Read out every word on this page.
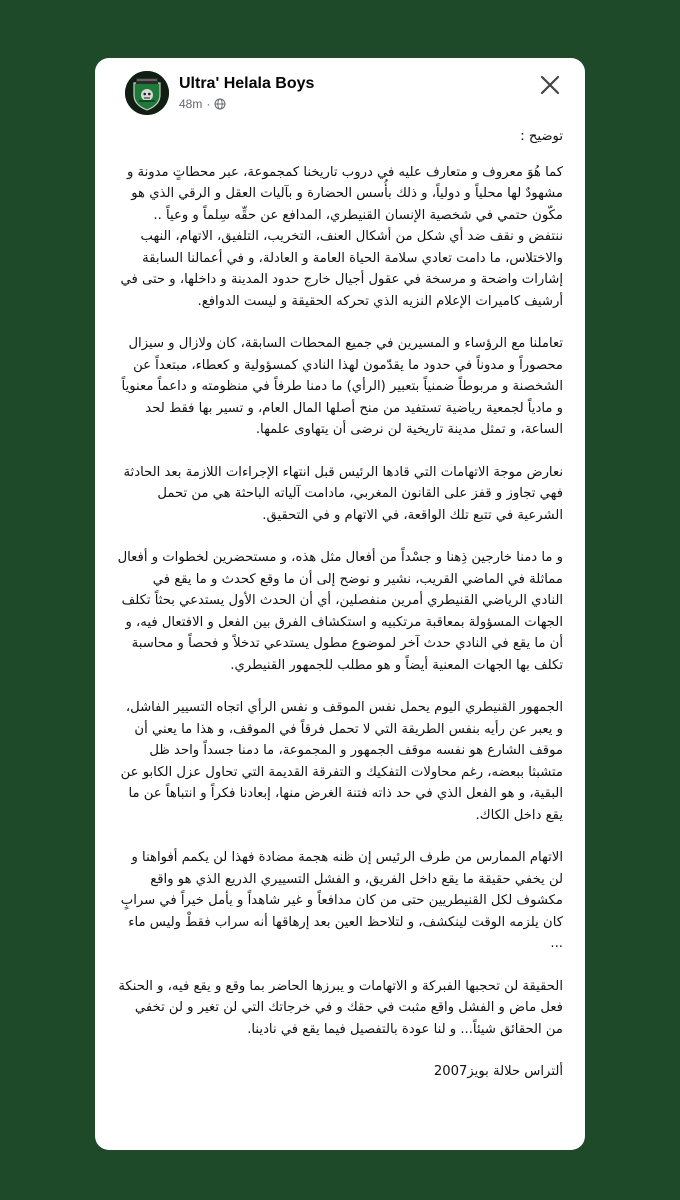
Ultra' Helala Boys
48m ·

توضيح :

كما هُوَ معروف و متعارف عليه في دروب تاريخنا كمجموعة، عبر محطاتٍ مدونة و مشهودٌ لها محلياً و دولياً، و ذلك بأُسس الحضارة و بآليات العقل و الرقي الذي هو مكّون حتمي في شخصية الإنسان القنيطري، المدافع عن حقِّه سِلماً و وعياً .. ننتفض و نقف ضد أي شكل من أشكال العنف، التخريب، التلفيق، الاتهام، النهب والاختلاس، ما دامت تعادي سلامة الحياة العامة و العادلة، و في أعمالنا السابقة إشارات واضحة و مرسخة في عقول أجيال خارج حدود المدينة و داخلها، و حتى في أرشيف كاميرات الإعلام النزيه الذي تحركه الحقيقة و ليست الدوافع.

تعاملنا مع الرؤساء و المسيرين في جميع المحطات السابقة، كان ولازال و سيزال محصوراً و مدوناً في حدود ما يقدّمون لهذا النادي كمسؤولية و كعطاء، مبتعداً عن الشخصنة و مربوطاً ضمنياً بتعبير (الرأي) ما دمنا طرفاً في منظومته و داعماً معنوياً و مادياً لجمعية رياضية تستفيد من منح أصلها المال العام، و تسير بها فقط لحد الساعة، و تمثل مدينة تاريخية لن نرضى أن يتهاوى علمها.

نعارض موجة الاتهامات التي قادها الرئيس قبل انتهاء الإجراءات اللازمة بعد الحادثة فهي تجاوز و قفز على القانون المغربي، مادامت آلياته الباحثة هي من تحمل الشرعية في تتبع تلك الواقعة، في الاتهام و في التحقيق.

و ما دمنا خارجين ذِهنا و جسْداً من أفعال مثل هذه، و مستحضرين لخطوات و أفعال مماثلة في الماضي القريب، نشير و نوضح إلى أن ما وقع كحدث و ما يقع في النادي الرياضي القنيطري أمرين منفصلين، أي أن الحدث الأول يستدعي بحثاً تكلف الجهات المسؤولة بمعاقبة مرتكبيه و استكشاف الفرق بين الفعل و الافتعال فيه، و أن ما يقع في النادي حدث آخر لموضوع مطول يستدعي تدخلاً و فحصاً و محاسبة تكلف بها الجهات المعنية أيضاً و هو مطلب للجمهور القنيطري.

الجمهور القنيطري اليوم يحمل نفس الموقف و نفس الرأي اتجاه التسيير الفاشل، و يعبر عن رأيه بنفس الطريقة التي لا تحمل فرقاً في الموقف، و هذا ما يعني أن موقف الشارع هو نفسه موقف الجمهور و المجموعة، ما دمنا جسداً واحد ظل متشبثا ببعضه، رغم محاولات التفكيك و التفرقة القديمة التي تحاول عزل الكابو عن البقية، و هو الفعل الذي في حد ذاته فتنة الغرض منها، إبعادنا فكراً و انتباهاً عن ما يقع داخل الكاك.

الاتهام الممارس من طرف الرئيس إن ظنه هجمة مضادة فهذا لن يكمم أفواهنا و لن يخفي حقيقة ما يقع داخل الفريق، و الفشل التسييري الدريع الذي هو واقع مكشوف لكل القنيطريين حتى من كان مدافعاً و غير شاهداً و يأمل خيراً في سرابٍ كان يلزمه الوقت لينكشف، و لتلاحظ العين بعد إرهاقها أنه سراب فقطْ وليس ماء ...

الحقيقة لن تحجبها الفبركة و الاتهامات و يبرزها الحاضر بما وقع و يقع فيه، و الحنكة فعل ماض و الفشل واقع مثبت في حقك و في خرجاتك التي لن تغير و لن تخفي من الحقائق شيئاً... و لنا عودة بالتفصيل فيما يقع في نادينا.

ألتراس حلالة بويز2007
